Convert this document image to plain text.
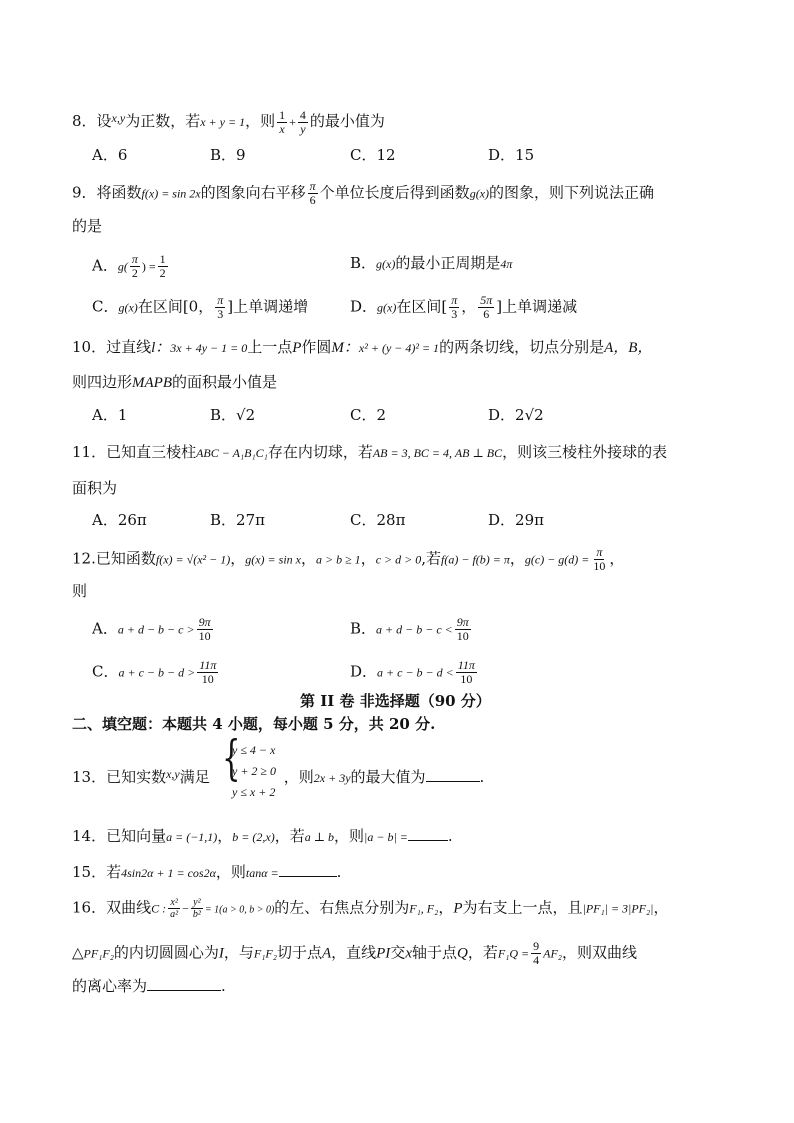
8．设$^{x,y}$为正数，若x + y = 1，则 $\frac{1}{x} + \frac{4}{y}$ 的最小值为
A．6	B．9	C．12	D．15
9．将函数f(x) = sin 2x的图象向右平移 $\frac{\pi}{6}$ 个单位长度后得到函数g(x)的图象，则下列说法正确
的是
A．$g( \frac{\pi}{2}$ ) = $\frac{1}{2}$	B．g(x)的最小正周期是4π
C．g(x)在区间[0， $\frac{\pi}{3}$ ]上单调递增	D．g(x)在区间[ $\frac{\pi}{3}$ ， $\frac{5\pi}{6}$ ]上单调递减
10．过直线l：3x + 4y − 1 = 0上一点P作圆M：x² + (y − 4)² = 1的两条切线，切点分别是A，B，
则四边形MAPB的面积最小值是
A．1	B．√2	C．2	D．2√2
11．已知直三棱柱ABC − A₁B₁C₁存在内切球，若AB = 3, BC = 4, AB ⊥ BC，则该三棱柱外接球的表
面积为
A．26π	B．27π	C．28π	D．29π
12.已知函数f(x) = √(x² − 1)，g(x) = sin x，a > b ≥ 1，c > d > 0,若f(a) − f(b) = π，$g(c) - g(d) = \frac{\pi}{10}$ ，
则
A．$a + d - b - c > \frac{9\pi}{10}$	B．$a + d - b - c < \frac{9\pi}{10}$
C．$a + c - b - d > \frac{11\pi}{10}$	D．$a + c - b - d < \frac{11\pi}{10}$
第 II 卷 非选择题（90 分）
二、填空题：本题共 4 小题，每小题 5 分，共 20 分.
13．已知实数$^{x,y}$满足	，则2x + 3y的最大值为	.
{
y ≤ 4 − x
y + 2 ≥ 0
y ≤ x + 2
14．已知向量a = (−1,1)，b = (2,x)，若a ⊥ b，则|a − b| =	.
15．若4sin2α + 1 = cos2α，则tanα =	.
16．双曲线C : $\frac{\text{x²}}{\text{a²}} - \frac{\text{y²}}{\text{b²}} = 1(a > 0$, b > 0)的左、右焦点分别为F₁, F₂，P为右支上一点，且|PF₁| = 3|PF₂|，
△PF₁F₂的内切圆圆心为I，与F₁F₂切于点A，直线PI交x轴于点Q，若$F_1Q = \frac{9}{4} AF_2$，则双曲线
的离心率为	.
